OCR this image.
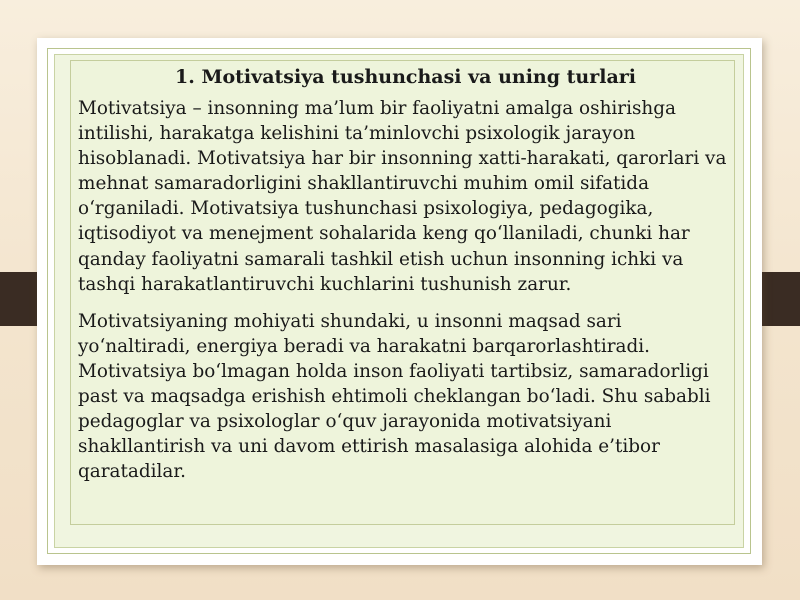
1. Motivatsiya tushunchasi va uning turlari

Motivatsiya – insonning ma’lum bir faoliyatni amalga oshirishga intilishi, harakatga kelishini ta’minlovchi psixologik jarayon hisoblanadi. Motivatsiya har bir insonning xatti-harakati, qarorlari va mehnat samaradorligini shakllantiruvchi muhim omil sifatida o‘rganiladi. Motivatsiya tushunchasi psixologiya, pedagogika, iqtisodiyot va menejment sohalarida keng qo‘llaniladi, chunki har qanday faoliyatni samarali tashkil etish uchun insonning ichki va tashqi harakatlantiruvchi kuchlarini tushunish zarur.

Motivatsiyaning mohiyati shundaki, u insonni maqsad sari yo‘naltiradi, energiya beradi va harakatni barqarorlashtiradi. Motivatsiya bo‘lmagan holda inson faoliyati tartibsiz, samaradorligi past va maqsadga erishish ehtimoli cheklangan bo‘ladi. Shu sababli pedagoglar va psixologlar o‘quv jarayonida motivatsiyani shakllantirish va uni davom ettirish masalasiga alohida e’tibor qaratadilar.
